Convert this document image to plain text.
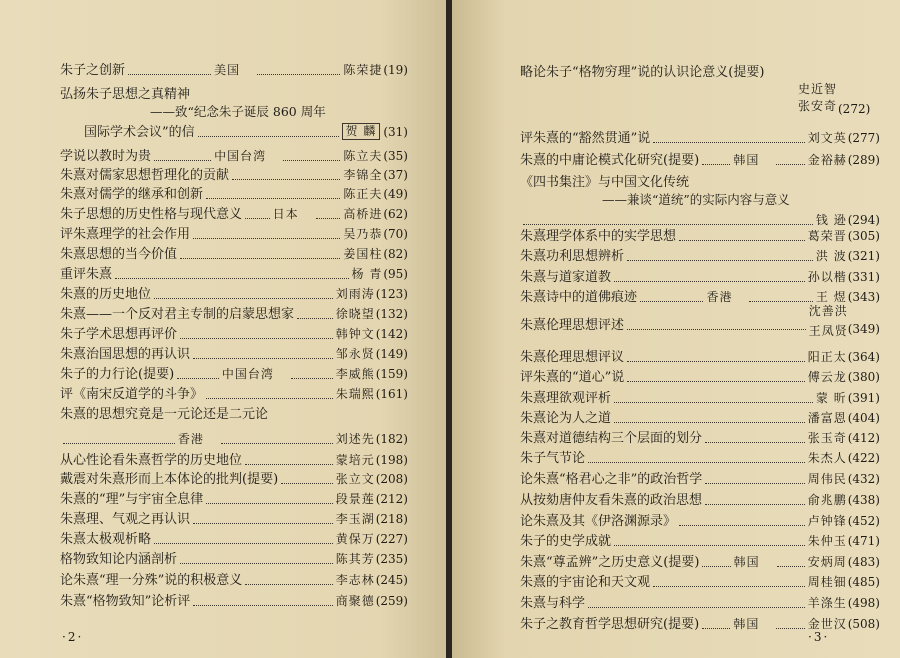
朱子之创新	美国	陈荣捷 (19)
弘扬朱子思想之真精神
——致“纪念朱子诞辰 860 周年
国际学术会议”的信	贺 麟 (31)
学说以教时为贵	中国台湾	陈立夫 (35)
朱熹对儒家思想哲理化的贡献	李锦全 (37)
朱熹对儒学的继承和创新	陈正夫 (49)
朱子思想的历史性格与现代意义	日本	高桥进 (62)
评朱熹理学的社会作用	吴乃恭 (70)
朱熹思想的当今价值	姜国柱 (82)
重评朱熹	杨 青 (95)
朱熹的历史地位	刘雨涛 (123)
朱熹——一个反对君主专制的启蒙思想家	徐晓望 (132)
朱子学术思想再评价	韩钟文 (142)
朱熹治国思想的再认识	邹永贤 (149)
朱子的力行论(提要)	中国台湾	李威熊 (159)
评《南宋反道学的斗争》	朱瑞熙 (161)
朱熹的思想究竟是一元论还是二元论
香港	刘述先 (182)
从心性论看朱熹哲学的历史地位	蒙培元 (198)
戴震对朱熹形而上本体论的批判(提要)	张立文 (208)
朱熹的“理”与宇宙全息律	段景莲 (212)
朱熹理、气观之再认识	李玉湖 (218)
朱熹太极观析略	黄保万 (227)
格物致知论内涵剖析	陈其芳 (235)
论朱熹“理一分殊”说的积极意义	李志林 (245)
朱熹“格物致知”论析评	商聚德 (259)
·2·
略论朱子“格物穷理”说的认识论意义(提要)
史近智
张安奇 (272)
评朱熹的“豁然贯通”说	刘文英 (277)
朱熹的中庸论模式化研究(提要)	韩国	金裕赫 (289)
《四书集注》与中国文化传统
——兼谈“道统”的实际内容与意义
钱 逊 (294)
朱熹理学体系中的实学思想	葛荣晋 (305)
朱熹功利思想辨析	洪 波 (321)
朱熹与道家道教	孙以楷 (331)
朱熹诗中的道佛痕迹	香港	王 煜 (343)
朱熹伦理思想评述
沈善洪
王凤贤 (349)
朱熹伦理思想评议	阳正太 (364)
评朱熹的“道心”说	傅云龙 (380)
朱熹理欲观评析	蒙 昕 (391)
朱熹论为人之道	潘富恩 (404)
朱熹对道德结构三个层面的划分	张玉奇 (412)
朱子气节论	朱杰人 (422)
论朱熹“格君心之非”的政治哲学	周伟民 (432)
从按劾唐仲友看朱熹的政治思想	俞兆鹏 (438)
论朱熹及其《伊洛渊源录》	卢钟锋 (452)
朱子的史学成就	朱仲玉 (471)
朱熹“尊孟辨”之历史意义(提要)	韩国	安炳周 (483)
朱熹的宇宙论和天文观	周桂钿 (485)
朱熹与科学	羊涤生 (498)
朱子之教育哲学思想研究(提要)	韩国	金世汉 (508)
·3·
